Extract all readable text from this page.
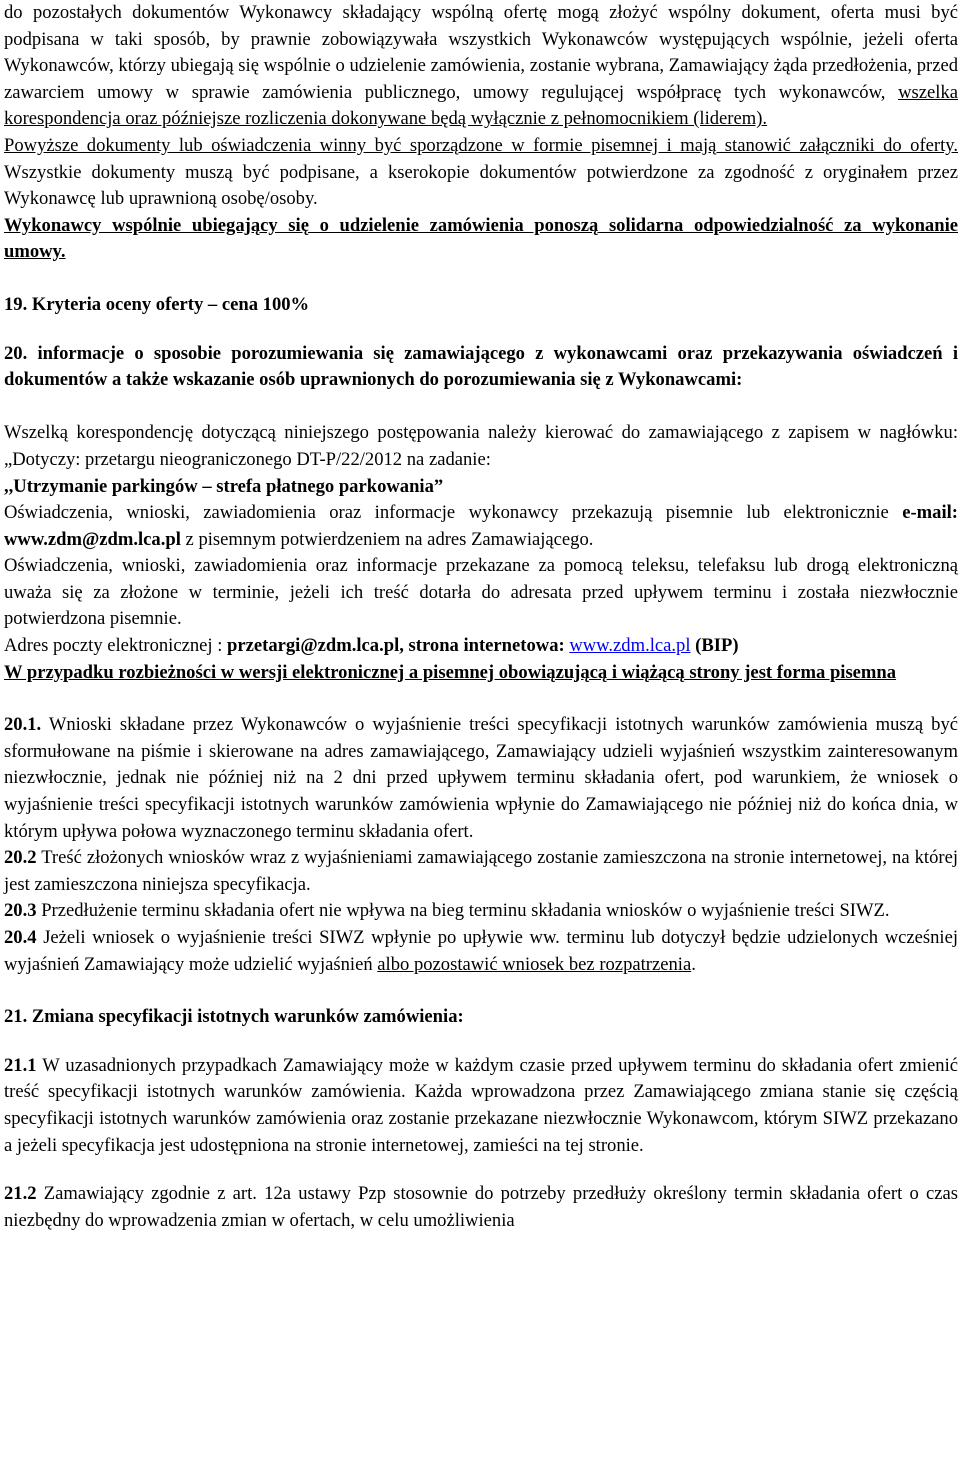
do pozostałych dokumentów Wykonawcy składający wspólną ofertę mogą złożyć wspólny dokument, oferta musi być podpisana w taki sposób, by prawnie zobowiązywała wszystkich Wykonawców występujących wspólnie, jeżeli oferta Wykonawców, którzy ubiegają się wspólnie o udzielenie zamówienia, zostanie wybrana, Zamawiający żąda przedłożenia, przed zawarciem umowy w sprawie zamówienia publicznego, umowy regulującej współpracę tych wykonawców, wszelka korespondencja oraz późniejsze rozliczenia dokonywane będą wyłącznie z pełnomocnikiem (liderem).

Powyższe dokumenty lub oświadczenia winny być sporządzone w formie pisemnej i mają stanowić załączniki do oferty. Wszystkie dokumenty muszą być podpisane, a kserokopie dokumentów potwierdzone za zgodność z oryginałem przez Wykonawcę lub uprawnioną osobę/osoby.

Wykonawcy wspólnie ubiegający się o udzielenie zamówienia ponoszą solidarna odpowiedzialność za wykonanie umowy.

19. Kryteria oceny oferty – cena 100%

20. informacje o sposobie porozumiewania się zamawiającego z wykonawcami oraz przekazywania oświadczeń i dokumentów a także wskazanie osób uprawnionych do porozumiewania się z Wykonawcami:

Wszelką korespondencję dotyczącą niniejszego postępowania należy kierować do zamawiającego z zapisem w nagłówku: „Dotyczy: przetargu nieograniczonego DT-P/22/2012 na zadanie:
,,Utrzymanie parkingów – strefa płatnego parkowania”

Oświadczenia, wnioski, zawiadomienia oraz informacje wykonawcy przekazują pisemnie lub elektronicznie e-mail: www.zdm@zdm.lca.pl z pisemnym potwierdzeniem na adres Zamawiającego.

Oświadczenia, wnioski, zawiadomienia oraz informacje przekazane za pomocą teleksu, telefaksu lub drogą elektroniczną uważa się za złożone w terminie, jeżeli ich treść dotarła do adresata przed upływem terminu i została niezwłocznie potwierdzona pisemnie.

Adres poczty elektronicznej : przetargi@zdm.lca.pl, strona internetowa: www.zdm.lca.pl (BIP)

W przypadku rozbieżności w wersji elektronicznej a pisemnej obowiązującą i wiążącą strony jest forma pisemna

20.1. Wnioski składane przez Wykonawców o wyjaśnienie treści specyfikacji istotnych warunków zamówienia muszą być sformułowane na piśmie i skierowane na adres zamawiającego, Zamawiający udzieli wyjaśnień wszystkim zainteresowanym niezwłocznie, jednak nie później niż na 2 dni przed upływem terminu składania ofert, pod warunkiem, że wniosek o wyjaśnienie treści specyfikacji istotnych warunków zamówienia wpłynie do Zamawiającego nie później niż do końca dnia, w którym upływa połowa wyznaczonego terminu składania ofert.

20.2 Treść złożonych wniosków wraz z wyjaśnieniami zamawiającego zostanie zamieszczona na stronie internetowej, na której jest zamieszczona niniejsza specyfikacja.

20.3 Przedłużenie terminu składania ofert nie wpływa na bieg terminu składania wniosków o wyjaśnienie treści SIWZ.

20.4 Jeżeli wniosek o wyjaśnienie treści SIWZ wpłynie po upływie ww. terminu lub dotyczył będzie udzielonych wcześniej wyjaśnień Zamawiający może udzielić wyjaśnień albo pozostawić wniosek bez rozpatrzenia.

21. Zmiana specyfikacji istotnych warunków zamówienia:

21.1 W uzasadnionych przypadkach Zamawiający może w każdym czasie przed upływem terminu do składania ofert zmienić treść specyfikacji istotnych warunków zamówienia. Każda wprowadzona przez Zamawiającego zmiana stanie się częścią specyfikacji istotnych warunków zamówienia oraz zostanie przekazane niezwłocznie Wykonawcom, którym SIWZ przekazano a jeżeli specyfikacja jest udostępniona na stronie internetowej, zamieści na tej stronie.

21.2 Zamawiający zgodnie z art. 12a ustawy Pzp stosownie do potrzeby przedłuży określony termin składania ofert o czas niezbędny do wprowadzenia zmian w ofertach, w celu umożliwienia
